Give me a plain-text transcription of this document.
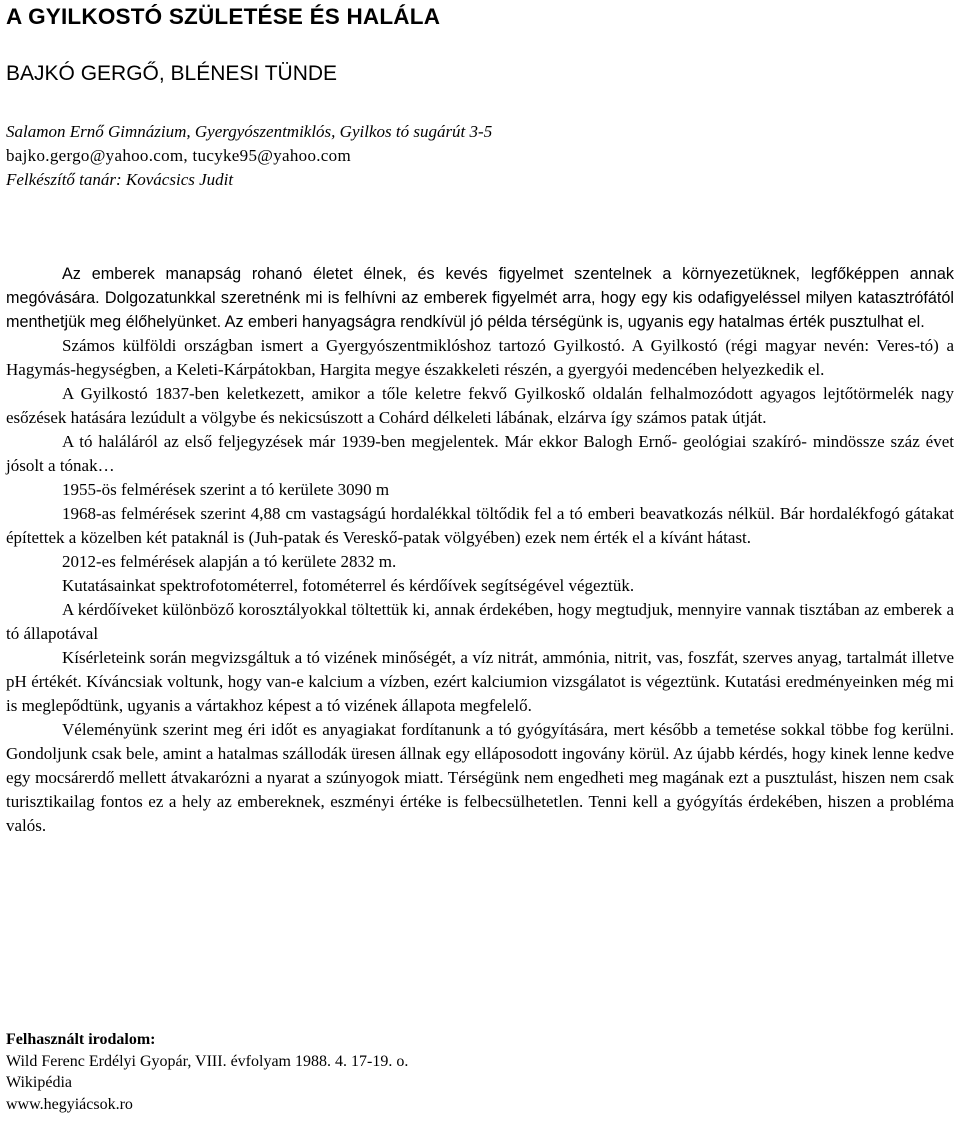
A GYILKOSTÓ SZÜLETÉSE ÉS HALÁLA
BAJKÓ GERGŐ, BLÉNESI TÜNDE
Salamon Ernő Gimnázium, Gyergyószentmiklós, Gyilkos tó sugárút 3-5
bajko.gergo@yahoo.com, tucyke95@yahoo.com
Felkészítő tanár: Kovácsics Judit

Az emberek manapság rohanó életet élnek, és kevés figyelmet szentelnek a környezetüknek, legfőképpen annak megóvására. Dolgozatunkkal szeretnénk mi is felhívni az emberek figyelmét arra, hogy egy kis odafigyeléssel milyen katasztrófától menthetjük meg élőhelyünket. Az emberi hanyagságra rendkívül jó példa térségünk is, ugyanis egy hatalmas érték pusztulhat el.

Számos külföldi országban ismert a Gyergyószentmiklóshoz tartozó Gyilkostó. A Gyilkostó (régi magyar nevén: Veres-tó) a Hagymás-hegységben, a Keleti-Kárpátokban, Hargita megye északkeleti részén, a gyergyói medencében helyezkedik el.

A Gyilkostó 1837-ben keletkezett, amikor a tőle keletre fekvő Gyilkoskő oldalán felhalmozódott agyagos lejtőtörmelék nagy esőzések hatására lezúdult a völgybe és nekicsúszott a Cohárd délkeleti lábának, elzárva így számos patak útját.

A tó haláláról az első feljegyzések már 1939-ben megjelentek. Már ekkor Balogh Ernő- geológiai szakíró- mindössze száz évet jósolt a tónak…

1955-ös felmérések szerint a tó kerülete 3090 m

1968-as felmérések szerint 4,88 cm vastagságú hordalékkal töltődik fel a tó emberi beavatkozás nélkül. Bár hordalékfogó gátakat építettek a közelben két pataknál is (Juh-patak és Vereskő-patak völgyében) ezek nem érték el a kívánt hátast.

2012-es felmérések alapján a tó kerülete 2832 m.

Kutatásainkat spektrofotométerrel, fotométerrel és kérdőívek segítségével végeztük.

A kérdőíveket különböző korosztályokkal töltettük ki, annak érdekében, hogy megtudjuk, mennyire vannak tisztában az emberek a tó állapotával

Kísérleteink során megvizsgáltuk a tó vizének minőségét, a víz nitrát, ammónia, nitrit, vas, foszfát, szerves anyag, tartalmát illetve pH értékét. Kíváncsiak voltunk, hogy van-e kalcium a vízben, ezért kalciumion vizsgálatot is végeztünk. Kutatási eredményeinken még mi is meglepődtünk, ugyanis a vártakhoz képest a tó vizének állapota megfelelő.

Véleményünk szerint meg éri időt es anyagiakat fordítanunk a tó gyógyítására, mert később a temetése sokkal többe fog kerülni. Gondoljunk csak bele, amint a hatalmas szállodák üresen állnak egy elláposodott ingovány körül. Az újabb kérdés, hogy kinek lenne kedve egy mocsárerdő mellett átvakarózni a nyarat a szúnyogok miatt. Térségünk nem engedheti meg magának ezt a pusztulást, hiszen nem csak turisztikailag fontos ez a hely az embereknek, eszményi értéke is felbecsülhetetlen. Tenni kell a gyógyítás érdekében, hiszen a probléma valós.

Felhasznált irodalom:
Wild Ferenc Erdélyi Gyopár, VIII. évfolyam 1988. 4. 17-19. o.
Wikipédia
www.hegyiácsok.ro
